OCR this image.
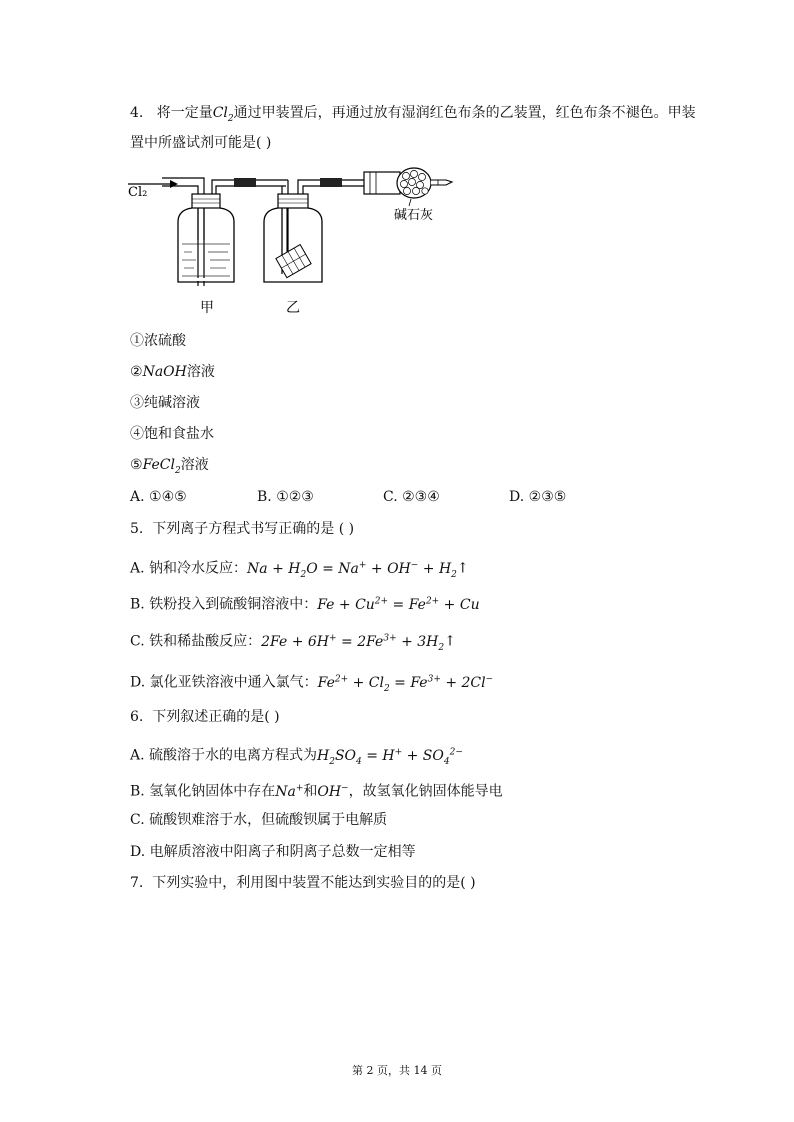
4. 将一定量$Cl_2$通过甲装置后，再通过放有湿润红色布条的乙装置，红色布条不褪色。甲装
置中所盛试剂可能是( )
Cl₂
碱石灰
甲	乙
①浓硫酸
②NaOH溶液
③纯碱溶液
④饱和食盐水
⑤FeCl$_2$溶液
A. ①④⑤	B. ①②③	C. ②③④	D. ②③⑤
5. 下列离子方程式书写正确的是 ( )
A. 钠和冷水反应：$Na + H_2O = Na^+ + OH^-$ + $H_2↑$
B. 铁粉投入到硫酸铜溶液中：$Fe + Cu^{2+} = Fe^{2+} + Cu$
C. 铁和稀盐酸反应：$2Fe + 6H^+ = 2Fe^{3+}$ + $3H_2↑$
D. 氯化亚铁溶液中通入氯气：$Fe^{2+} + Cl_2 = Fe^{3+} + 2Cl^-$
6. 下列叙述正确的是( )
A. 硫酸溶于水的电离方程式为$H_2SO_4 = H^+ + SO_4^{2-}$
B. 氢氧化钠固体中存在Na+和OH−，故氢氧化钠固体能导电
C. 硫酸钡难溶于水，但硫酸钡属于电解质
D. 电解质溶液中阳离子和阴离子总数一定相等
7. 下列实验中，利用图中装置不能达到实验目的的是( )
第 2 页，共 14 页
